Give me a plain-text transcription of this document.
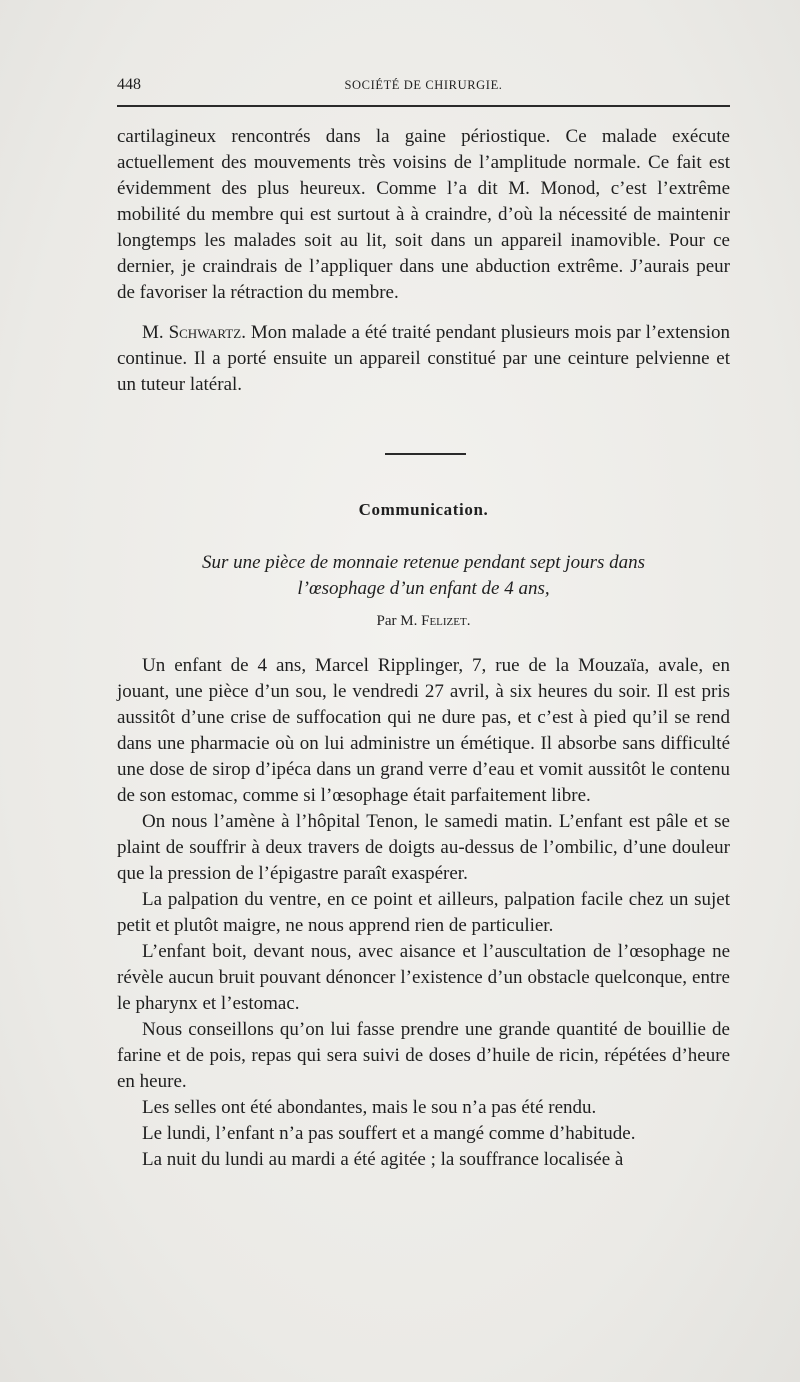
448	SOCIÉTÉ DE CHIRURGIE.

cartilagineux rencontrés dans la gaine périostique. Ce malade exécute actuellement des mouvements très voisins de l’amplitude normale. Ce fait est évidemment des plus heureux. Comme l’a dit M. Monod, c’est l’extrême mobilité du membre qui est surtout à à craindre, d’où la nécessité de maintenir longtemps les malades soit au lit, soit dans un appareil inamovible. Pour ce dernier, je craindrais de l’appliquer dans une abduction extrême. J’aurais peur de favoriser la rétraction du membre.

M. Schwartz. Mon malade a été traité pendant plusieurs mois par l’extension continue. Il a porté ensuite un appareil constitué par une ceinture pelvienne et un tuteur latéral.

Communication.
Sur une pièce de monnaie retenue pendant sept jours dans
l’œsophage d’un enfant de 4 ans,
Par M. Felizet.

Un enfant de 4 ans, Marcel Ripplinger, 7, rue de la Mouzaïa, avale, en jouant, une pièce d’un sou, le vendredi 27 avril, à six heures du soir. Il est pris aussitôt d’une crise de suffocation qui ne dure pas, et c’est à pied qu’il se rend dans une pharmacie où on lui administre un émétique. Il absorbe sans difficulté une dose de sirop d’ipéca dans un grand verre d’eau et vomit aussitôt le contenu de son estomac, comme si l’œsophage était parfaitement libre.

On nous l’amène à l’hôpital Tenon, le samedi matin. L’enfant est pâle et se plaint de souffrir à deux travers de doigts au-dessus de l’ombilic, d’une douleur que la pression de l’épigastre paraît exaspérer.

La palpation du ventre, en ce point et ailleurs, palpation facile chez un sujet petit et plutôt maigre, ne nous apprend rien de particulier.

L’enfant boit, devant nous, avec aisance et l’auscultation de l’œsophage ne révèle aucun bruit pouvant dénoncer l’existence d’un obstacle quelconque, entre le pharynx et l’estomac.

Nous conseillons qu’on lui fasse prendre une grande quantité de bouillie de farine et de pois, repas qui sera suivi de doses d’huile de ricin, répétées d’heure en heure.

Les selles ont été abondantes, mais le sou n’a pas été rendu.

Le lundi, l’enfant n’a pas souffert et a mangé comme d’habitude.

La nuit du lundi au mardi a été agitée ; la souffrance localisée à
